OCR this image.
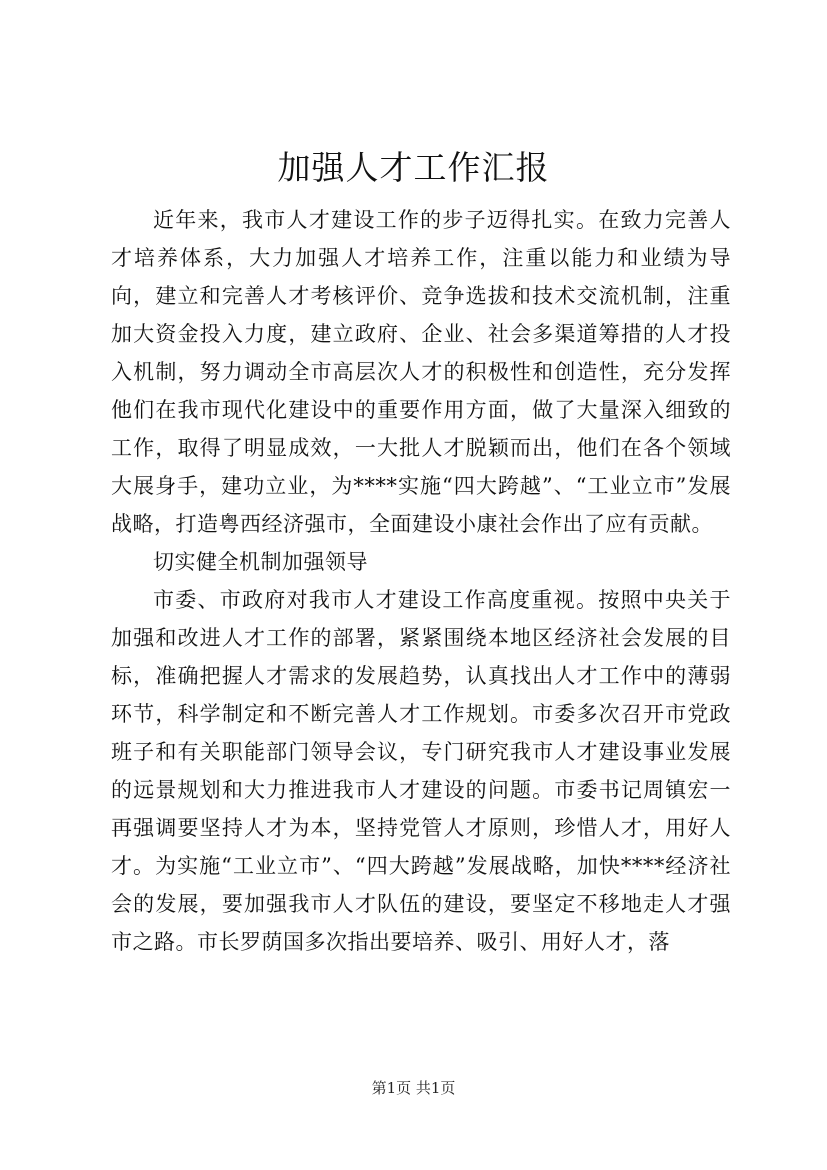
加强人才工作汇报

近年来，我市人才建设工作的步子迈得扎实。在致力完善人才培养体系，大力加强人才培养工作，注重以能力和业绩为导向，建立和完善人才考核评价、竞争选拔和技术交流机制，注重加大资金投入力度，建立政府、企业、社会多渠道筹措的人才投入机制，努力调动全市高层次人才的积极性和创造性，充分发挥他们在我市现代化建设中的重要作用方面，做了大量深入细致的工作，取得了明显成效，一大批人才脱颖而出，他们在各个领域大展身手，建功立业，为****实施“四大跨越”、“工业立市”发展战略，打造粤西经济强市，全面建设小康社会作出了应有贡献。

切实健全机制加强领导

市委、市政府对我市人才建设工作高度重视。按照中央关于加强和改进人才工作的部署，紧紧围绕本地区经济社会发展的目标，准确把握人才需求的发展趋势，认真找出人才工作中的薄弱环节，科学制定和不断完善人才工作规划。市委多次召开市党政班子和有关职能部门领导会议，专门研究我市人才建设事业发展的远景规划和大力推进我市人才建设的问题。市委书记周镇宏一再强调要坚持人才为本，坚持党管人才原则，珍惜人才，用好人才。为实施“工业立市”、“四大跨越”发展战略，加快****经济社会的发展，要加强我市人才队伍的建设，要坚定不移地走人才强市之路。市长罗荫国多次指出要培养、吸引、用好人才，落

第1页 共1页
